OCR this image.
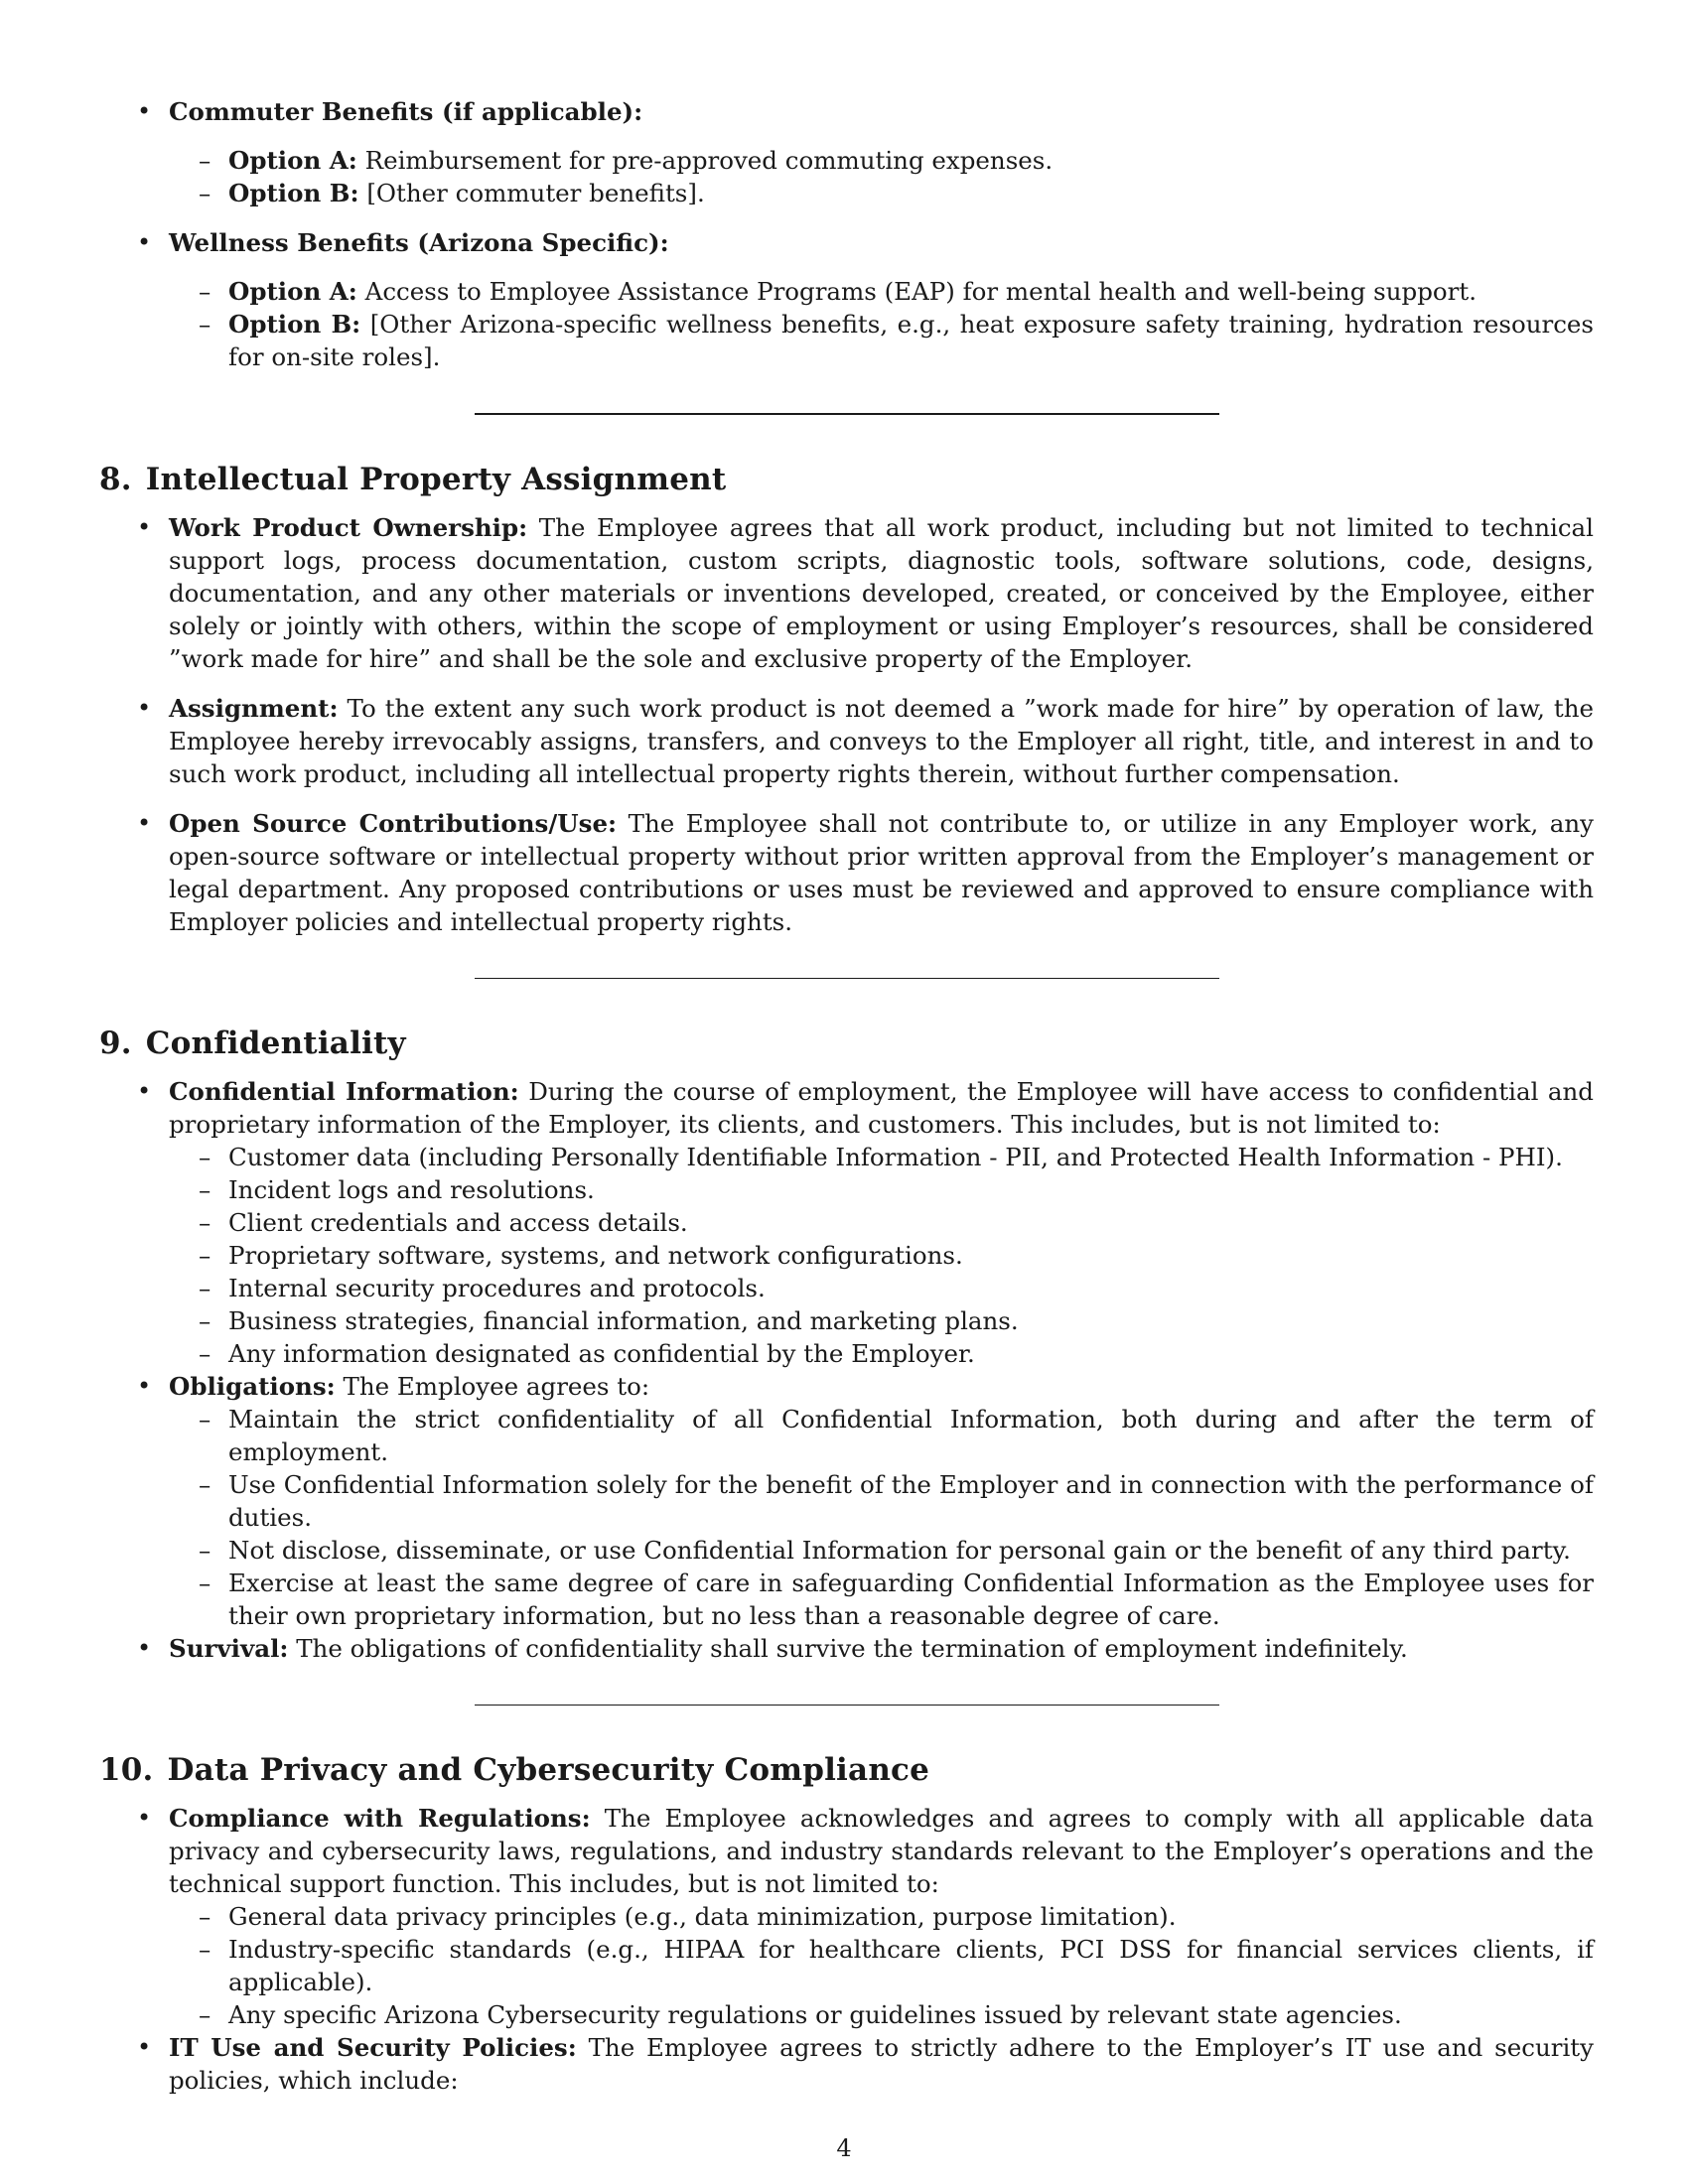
• Commuter Benefits (if applicable):
– Option A: Reimbursement for pre-approved commuting expenses.
– Option B: [Other commuter benefits].
• Wellness Benefits (Arizona Specific):
– Option A: Access to Employee Assistance Programs (EAP) for mental health and well-being support.
– Option B: [Other Arizona-specific wellness benefits, e.g., heat exposure safety training, hydration resources for on-site roles].
8. Intellectual Property Assignment
• Work Product Ownership: The Employee agrees that all work product, including but not limited to technical support logs, process documentation, custom scripts, diagnostic tools, software solutions, code, designs, documentation, and any other materials or inventions developed, created, or conceived by the Employee, either solely or jointly with others, within the scope of employment or using Employer’s resources, shall be considered ”work made for hire” and shall be the sole and exclusive property of the Employer.
• Assignment: To the extent any such work product is not deemed a ”work made for hire” by operation of law, the Employee hereby irrevocably assigns, transfers, and conveys to the Employer all right, title, and interest in and to such work product, including all intellectual property rights therein, without further compensation.
• Open Source Contributions/Use: The Employee shall not contribute to, or utilize in any Employer work, any open-source software or intellectual property without prior written approval from the Employer’s management or legal department. Any proposed contributions or uses must be reviewed and approved to ensure compliance with Employer policies and intellectual property rights.
9. Confidentiality
• Confidential Information: During the course of employment, the Employee will have access to confidential and proprietary information of the Employer, its clients, and customers. This includes, but is not limited to:
– Customer data (including Personally Identifiable Information - PII, and Protected Health Information - PHI).
– Incident logs and resolutions.
– Client credentials and access details.
– Proprietary software, systems, and network configurations.
– Internal security procedures and protocols.
– Business strategies, financial information, and marketing plans.
– Any information designated as confidential by the Employer.
• Obligations: The Employee agrees to:
– Maintain the strict confidentiality of all Confidential Information, both during and after the term of employment.
– Use Confidential Information solely for the benefit of the Employer and in connection with the performance of duties.
– Not disclose, disseminate, or use Confidential Information for personal gain or the benefit of any third party.
– Exercise at least the same degree of care in safeguarding Confidential Information as the Employee uses for their own proprietary information, but no less than a reasonable degree of care.
• Survival: The obligations of confidentiality shall survive the termination of employment indefinitely.
10. Data Privacy and Cybersecurity Compliance
• Compliance with Regulations: The Employee acknowledges and agrees to comply with all applicable data privacy and cybersecurity laws, regulations, and industry standards relevant to the Employer’s operations and the technical support function. This includes, but is not limited to:
– General data privacy principles (e.g., data minimization, purpose limitation).
– Industry-specific standards (e.g., HIPAA for healthcare clients, PCI DSS for financial services clients, if applicable).
– Any specific Arizona Cybersecurity regulations or guidelines issued by relevant state agencies.
• IT Use and Security Policies: The Employee agrees to strictly adhere to the Employer’s IT use and security policies, which include:
4
